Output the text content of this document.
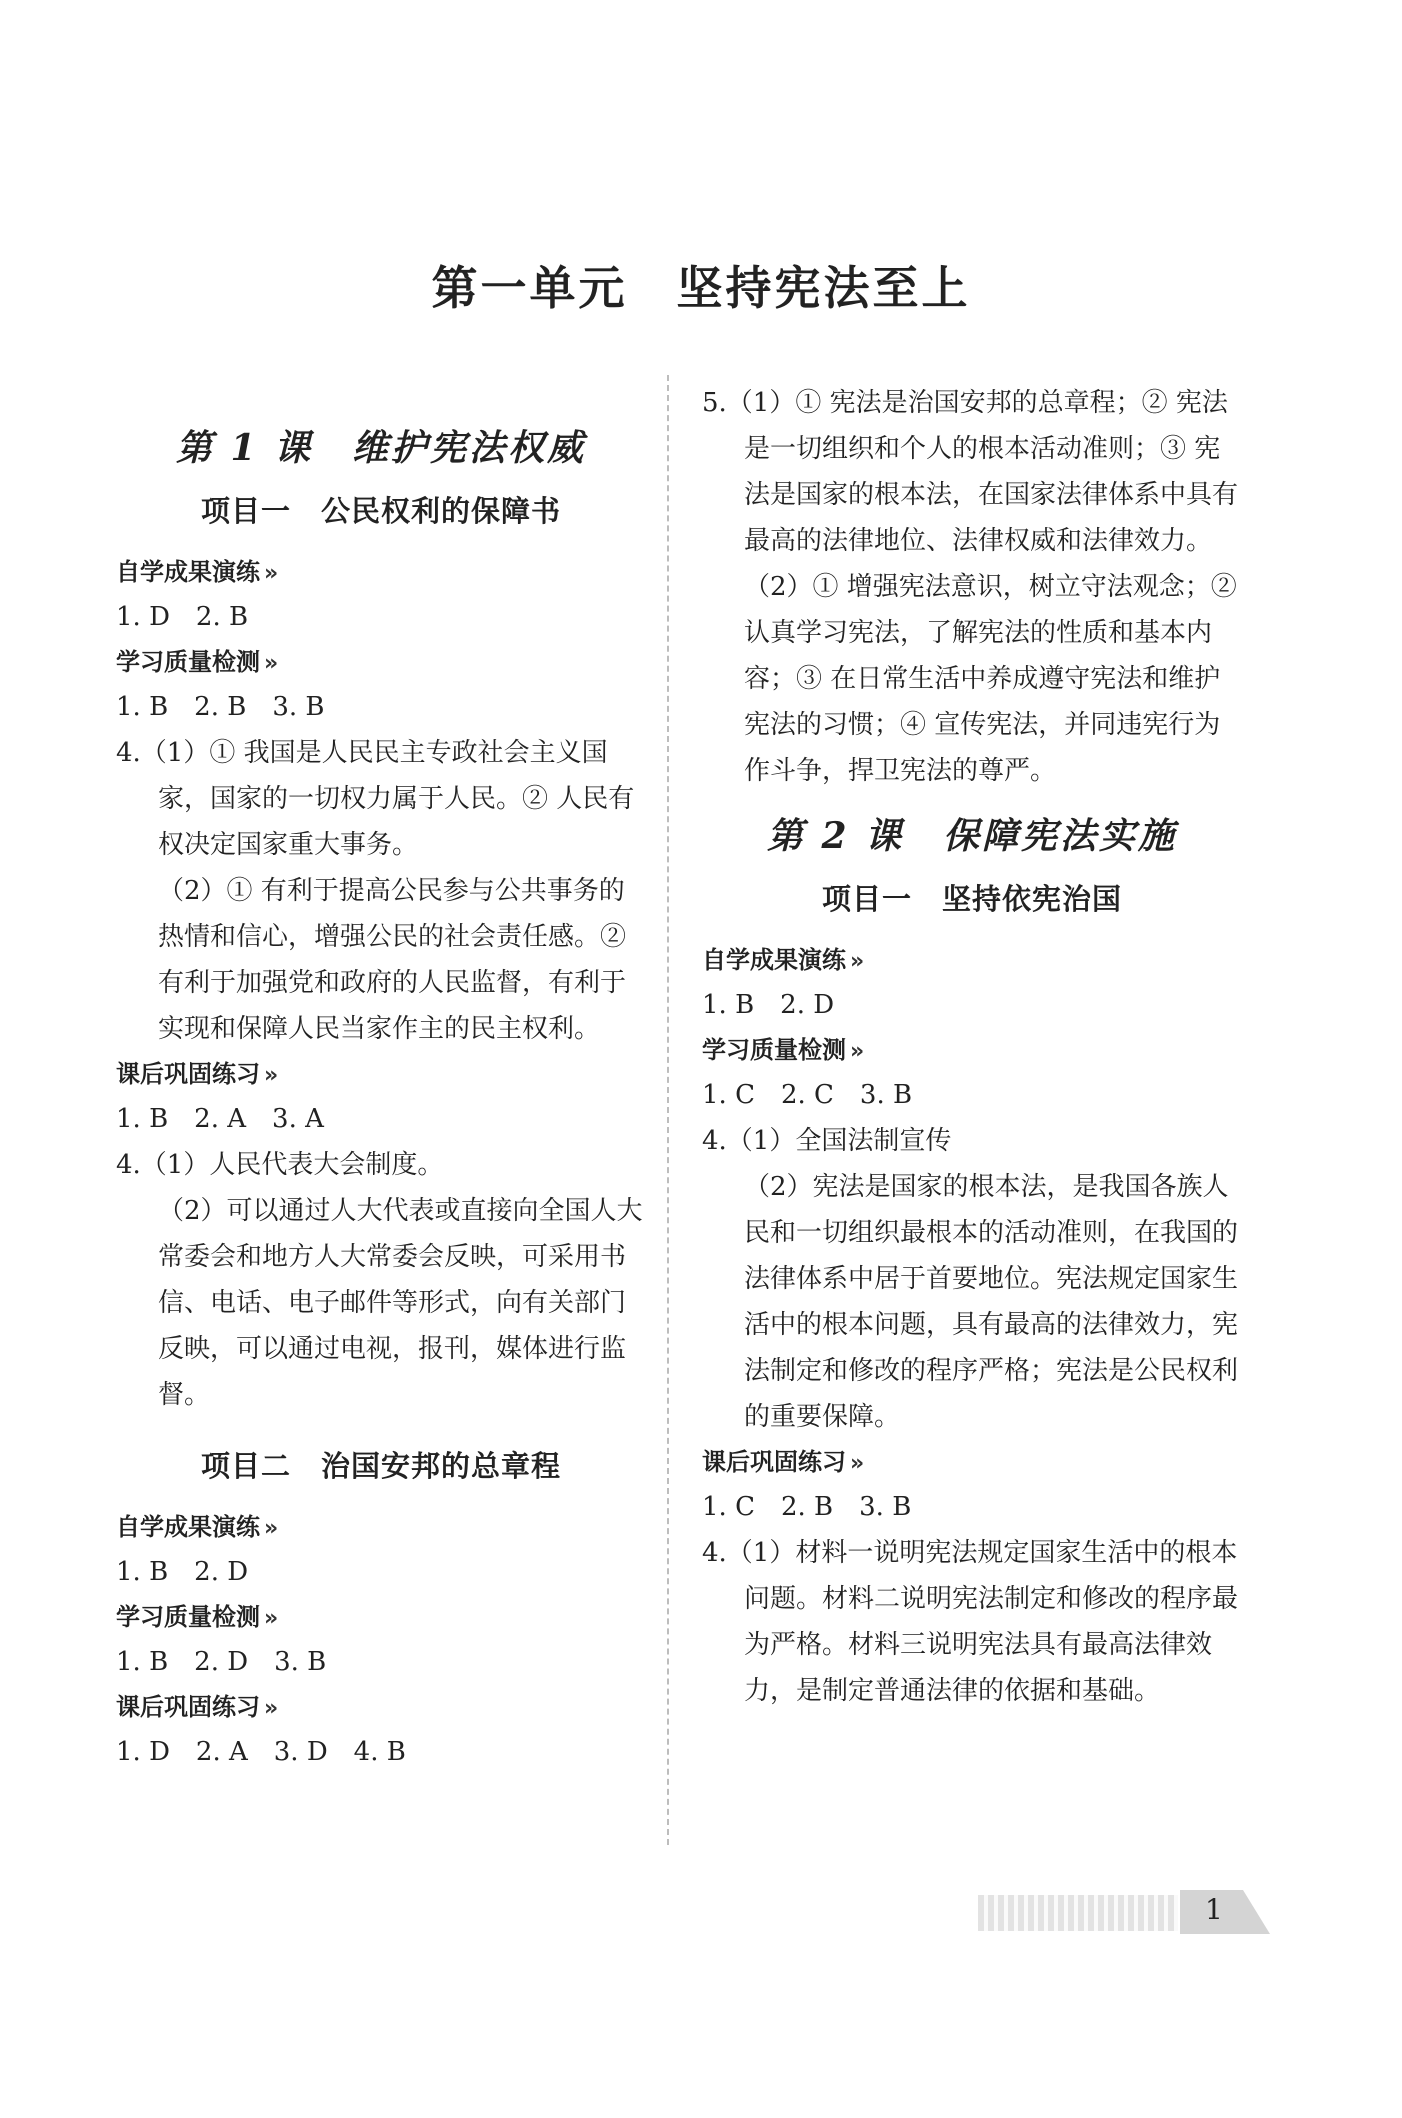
第一单元　坚持宪法至上
第 1 课　维护宪法权威
项目一　公民权利的保障书
自学成果演练 »
1. D　2. B
学习质量检测 »
1. B　2. B　3. B
4.（1）① 我国是人民民主专政社会主义国家，国家的一切权力属于人民。② 人民有权决定国家重大事务。
（2）① 有利于提高公民参与公共事务的热情和信心，增强公民的社会责任感。② 有利于加强党和政府的人民监督，有利于实现和保障人民当家作主的民主权利。
课后巩固练习 »
1. B　2. A　3. A
4.（1）人民代表大会制度。
（2）可以通过人大代表或直接向全国人大常委会和地方人大常委会反映，可采用书信、电话、电子邮件等形式，向有关部门反映，可以通过电视，报刊，媒体进行监督。
项目二　治国安邦的总章程
自学成果演练 »
1. B　2. D
学习质量检测 »
1. B　2. D　3. B
课后巩固练习 »
1. D　2. A　3. D　4. B
5.（1）① 宪法是治国安邦的总章程；② 宪法是一切组织和个人的根本活动准则；③ 宪法是国家的根本法，在国家法律体系中具有最高的法律地位、法律权威和法律效力。
（2）① 增强宪法意识，树立守法观念；② 认真学习宪法，了解宪法的性质和基本内容；③ 在日常生活中养成遵守宪法和维护宪法的习惯；④ 宣传宪法，并同违宪行为作斗争，捍卫宪法的尊严。
第 2 课　保障宪法实施
项目一　坚持依宪治国
自学成果演练 »
1. B　2. D
学习质量检测 »
1. C　2. C　3. B
4.（1）全国法制宣传
（2）宪法是国家的根本法，是我国各族人民和一切组织最根本的活动准则，在我国的法律体系中居于首要地位。宪法规定国家生活中的根本问题，具有最高的法律效力，宪法制定和修改的程序严格；宪法是公民权利的重要保障。
课后巩固练习 »
1. C　2. B　3. B
4.（1）材料一说明宪法规定国家生活中的根本问题。材料二说明宪法制定和修改的程序最为严格。材料三说明宪法具有最高法律效力，是制定普通法律的依据和基础。
1
